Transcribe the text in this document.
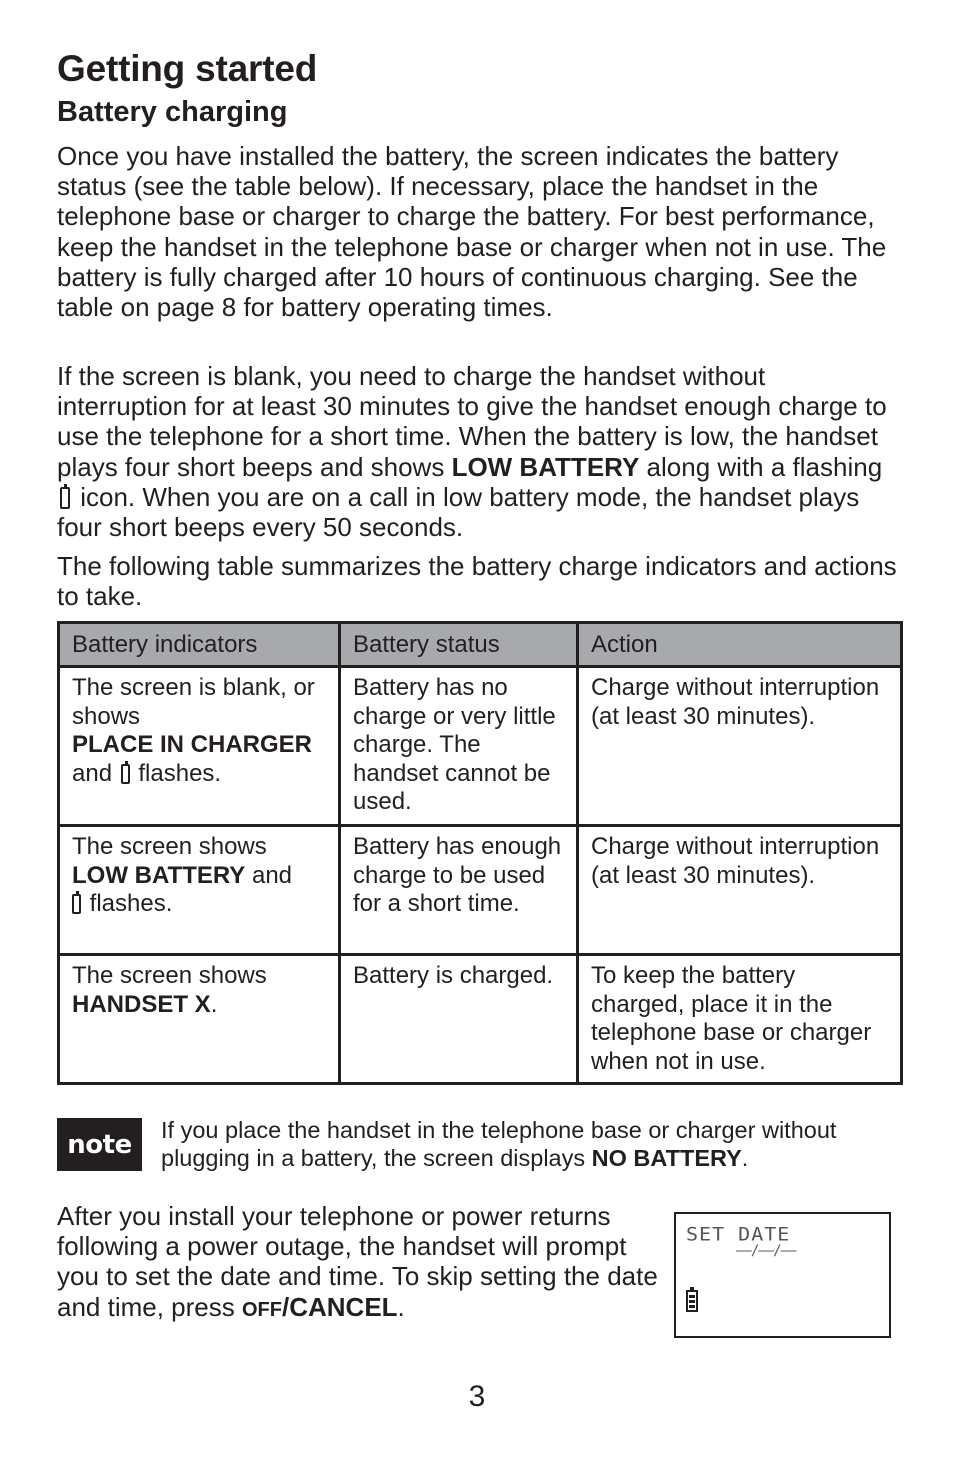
Getting started
Battery charging

Once you have installed the battery, the screen indicates the battery status (see the table below). If necessary, place the handset in the telephone base or charger to charge the battery. For best performance, keep the handset in the telephone base or charger when not in use. The battery is fully charged after 10 hours of continuous charging. See the table on page 8 for battery operating times.

If the screen is blank, you need to charge the handset without interruption for at least 30 minutes to give the handset enough charge to use the telephone for a short time. When the battery is low, the handset plays four short beeps and shows LOW BATTERY along with a flashing  icon. When you are on a call in low battery mode, the handset plays four short beeps every 50 seconds.

The following table summarizes the battery charge indicators and actions to take.

Battery indicators	Battery status	Action
The screen is blank, or shows
PLACE IN CHARGER
and  flashes.	Battery has no charge or very little charge. The handset cannot be used.	Charge without interruption (at least 30 minutes).
The screen shows
LOW BATTERY and
flashes.	Battery has enough charge to be used for a short time.	Charge without interruption (at least 30 minutes).
The screen shows
HANDSET X.	Battery is charged.	To keep the battery charged, place it in the telephone base or charger when not in use.
note	If you place the handset in the telephone base or charger without plugging in a battery, the screen displays NO BATTERY.

After you install your telephone or power returns following a power outage, the handset will prompt you to set the date and time. To skip setting the date and time, press OFF/CANCEL.

SET DATE
——/——/——
3
